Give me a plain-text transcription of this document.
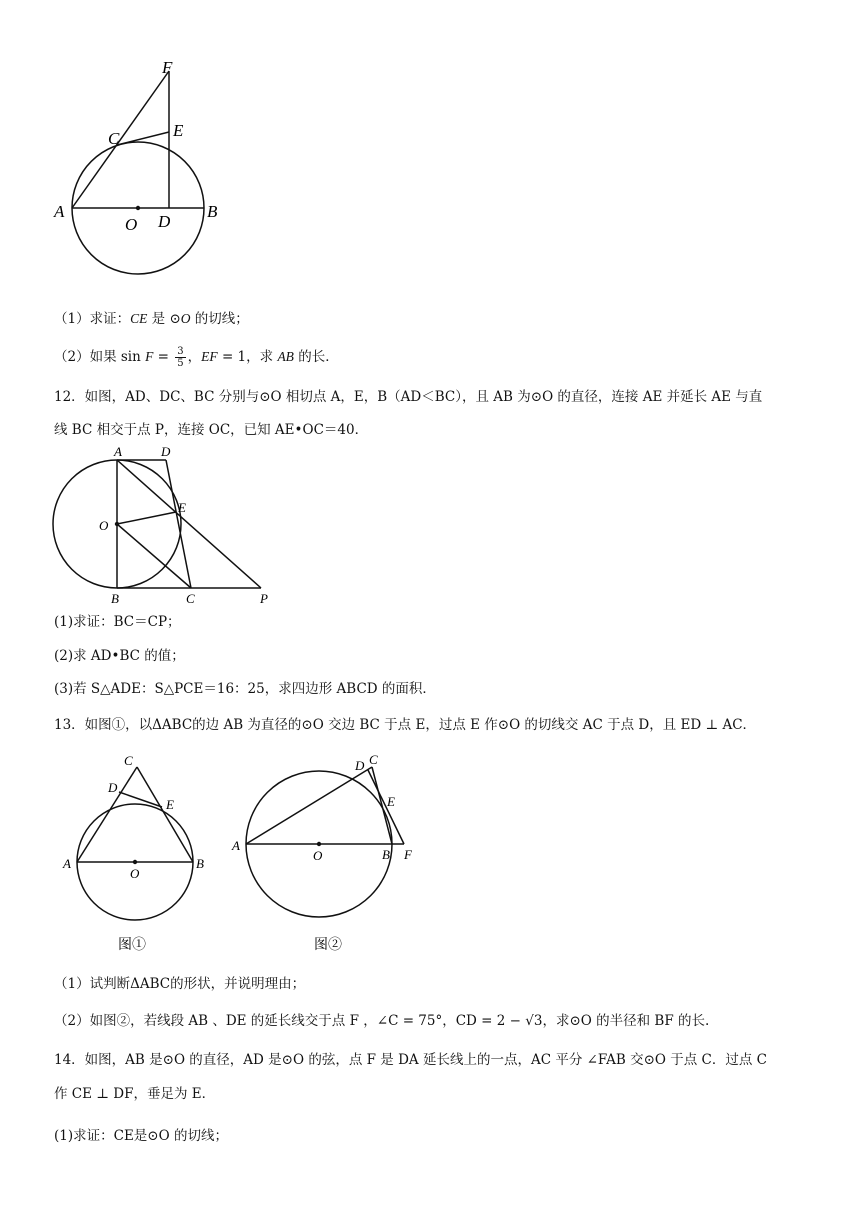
F
C	E
A
O D
B
（1）求证：CE 是 ⊙O 的切线；
（2）如果 $\sin F = \frac{3}{5}$ ，EF = 1，求 AB 的长．
12．如图，AD、DC、BC 分别与⊙O 相切点 A，E，B（AD＜BC），且 AB 为⊙O 的直径，连接 AE 并延长 AE 与直
线 BC 相交于点 P，连接 OC，已知 AE•OC＝40．
A	D
E
O
B	C	P
(1)求证：BC＝CP；
(2)求 AD•BC 的值；
(3)若 S△ADE：S△PCE＝16：25，求四边形 ABCD 的面积．
13．如图①，以ΔABC的边 AB 为直径的⊙O 交边 BC 于点 E，过点 E 作⊙O 的切线交 AC 于点 D，且 ED ⊥ AC．
C
D
E
A
O
B
图①
D C
E
A
O	B F
图②
（1）试判断ΔABC的形状，并说明理由；
（2）如图②，若线段 AB 、DE 的延长线交于点 F ，∠C = 75°，CD = 2 − √3，求⊙O 的半径和 BF 的长.
14．如图，AB 是⊙O 的直径，AD 是⊙O 的弦，点 F 是 DA 延长线上的一点，AC 平分 ∠FAB 交⊙O 于点 C．过点 C
作 CE ⊥ DF，垂足为 E．
(1)求证：CE是⊙O 的切线；
